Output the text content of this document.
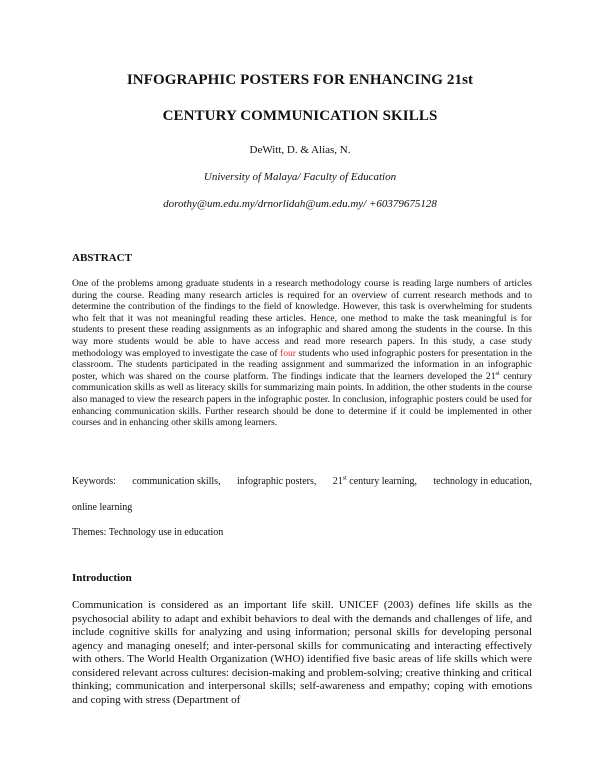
INFOGRAPHIC POSTERS FOR ENHANCING 21st
CENTURY COMMUNICATION SKILLS
DeWitt, D. & Alias, N.
University of Malaya/ Faculty of Education
dorothy@um.edu.my/drnorlidah@um.edu.my/ +60379675128
ABSTRACT

One of the problems among graduate students in a research methodology course is reading large numbers of articles during the course. Reading many research articles is required for an overview of current research methods and to determine the contribution of the findings to the field of knowledge. However, this task is overwhelming for students who felt that it was not meaningful reading these articles. Hence, one method to make the task meaningful is for students to present these reading assignments as an infographic and shared among the students in the course. In this way more students would be able to have access and read more research papers. In this study, a case study methodology was employed to investigate the case of four students who used infographic posters for presentation in the classroom. The students participated in the reading assignment and summarized the information in an infographic poster, which was shared on the course platform. The findings indicate that the learners developed the 21st century communication skills as well as literacy skills for summarizing main points. In addition, the other students in the course also managed to view the research papers in the infographic poster. In conclusion, infographic posters could be used for enhancing communication skills. Further research should be done to determine if it could be implemented in other courses and in enhancing other skills among learners.

Keywords: communication skills, infographic posters, 21st century learning, technology in education,
online learning
Themes: Technology use in education
Introduction

Communication is considered as an important life skill. UNICEF (2003) defines life skills as the psychosocial ability to adapt and exhibit behaviors to deal with the demands and challenges of life, and include cognitive skills for analyzing and using information; personal skills for developing personal agency and managing oneself; and inter-personal skills for communicating and interacting effectively with others. The World Health Organization (WHO) identified five basic areas of life skills which were considered relevant across cultures: decision-making and problem-solving; creative thinking and critical thinking; communication and interpersonal skills; self-awareness and empathy; coping with emotions and coping with stress (Department of
